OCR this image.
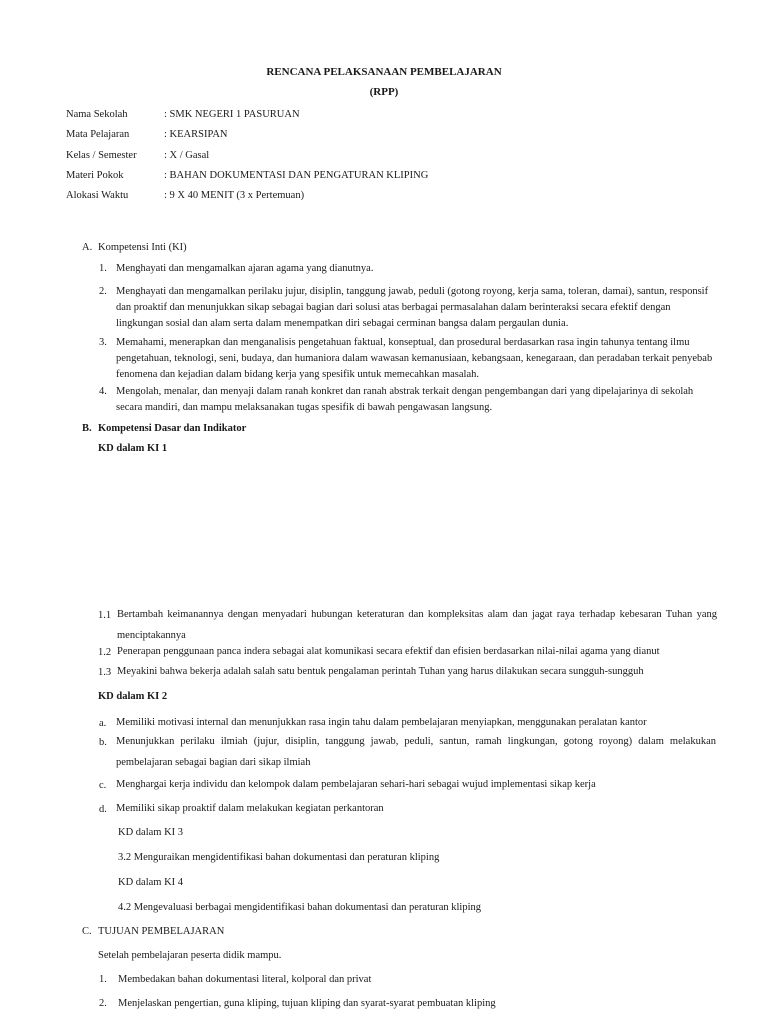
RENCANA PELAKSANAAN PEMBELAJARAN
(RPP)
Nama Sekolah	: SMK NEGERI 1 PASURUAN
Mata Pelajaran	: KEARSIPAN
Kelas / Semester	: X / Gasal
Materi Pokok	: BAHAN DOKUMENTASI DAN PENGATURAN KLIPING
Alokasi Waktu	: 9 X 40 MENIT (3 x Pertemuan)
A. Kompetensi Inti (KI)
1. Menghayati dan mengamalkan ajaran agama yang dianutnya.
2. Menghayati dan mengamalkan perilaku jujur, disiplin, tanggung jawab, peduli (gotong royong, kerja sama, toleran, damai), santun, responsif dan proaktif dan menunjukkan sikap sebagai bagian dari solusi atas berbagai permasalahan dalam berinteraksi secara efektif dengan lingkungan sosial dan alam serta dalam menempatkan diri sebagai cerminan bangsa dalam pergaulan dunia.
3. Memahami, menerapkan dan menganalisis pengetahuan faktual, konseptual, dan prosedural berdasarkan rasa ingin tahunya tentang ilmu pengetahuan, teknologi, seni, budaya, dan humaniora dalam wawasan kemanusiaan, kebangsaan, kenegaraan, dan peradaban terkait penyebab fenomena dan kejadian dalam bidang kerja yang spesifik untuk memecahkan masalah.
4. Mengolah, menalar, dan menyaji dalam ranah konkret dan ranah abstrak terkait dengan pengembangan dari yang dipelajarinya di sekolah secara mandiri, dan mampu melaksanakan tugas spesifik di bawah pengawasan langsung.
B. Kompetensi Dasar dan Indikator
KD dalam KI 1
1.1 Bertambah keimanannya dengan menyadari hubungan keteraturan dan kompleksitas alam dan jagat raya terhadap kebesaran Tuhan yang menciptakannya
1.2 Penerapan penggunaan panca indera sebagai alat komunikasi secara efektif dan efisien berdasarkan nilai-nilai agama yang dianut
1.3 Meyakini bahwa bekerja adalah salah satu bentuk pengalaman perintah Tuhan yang harus dilakukan secara sungguh-sungguh
KD dalam KI 2
a. Memiliki motivasi internal dan menunjukkan rasa ingin tahu dalam pembelajaran menyiapkan, menggunakan peralatan kantor
b. Menunjukkan perilaku ilmiah (jujur, disiplin, tanggung jawab, peduli, santun, ramah lingkungan, gotong royong) dalam melakukan pembelajaran sebagai bagian dari sikap ilmiah
c. Menghargai kerja individu dan kelompok dalam pembelajaran sehari-hari sebagai wujud implementasi sikap kerja
d. Memiliki sikap proaktif dalam melakukan kegiatan perkantoran
KD dalam KI 3
3.2 Menguraikan mengidentifikasi bahan dokumentasi dan peraturan kliping
KD dalam KI 4
4.2 Mengevaluasi berbagai mengidentifikasi bahan dokumentasi dan peraturan kliping
C. TUJUAN PEMBELAJARAN
Setelah pembelajaran peserta didik mampu.
1. Membedakan bahan dokumentasi literal, kolporal dan privat
2. Menjelaskan pengertian, guna kliping, tujuan kliping dan syarat-syarat pembuatan kliping
